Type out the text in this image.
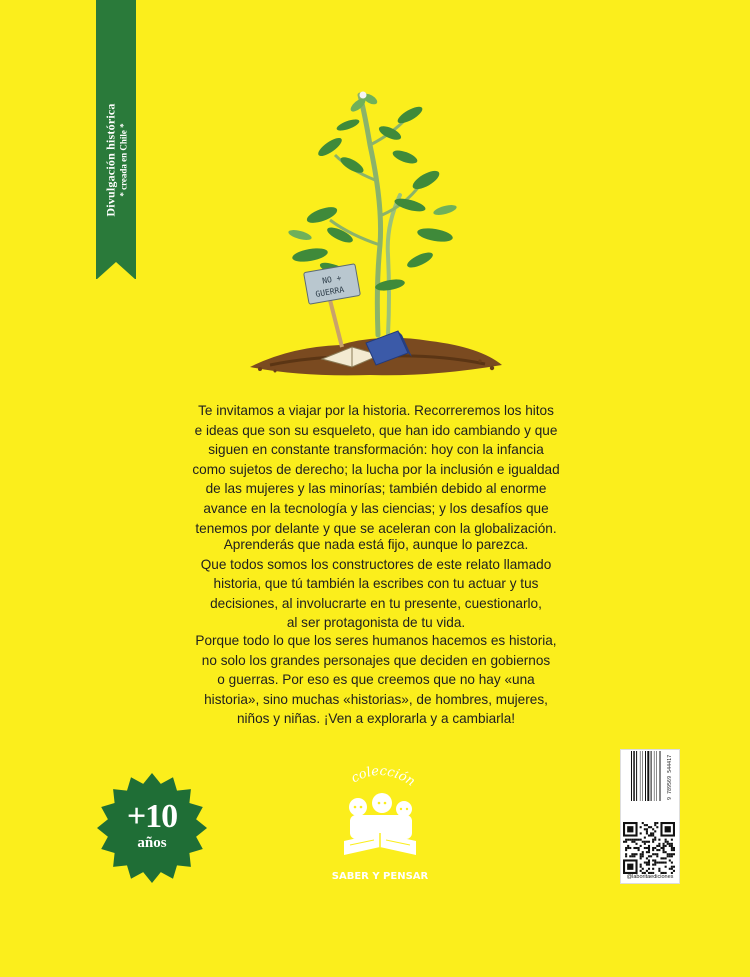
Divulgación histórica * creada en Chile *
NO +
GUERRA
Te invitamos a viajar por la historia. Recorreremos los hitos
e ideas que son su esqueleto, que han ido cambiando y que
siguen en constante transformación: hoy con la infancia
como sujetos de derecho; la lucha por la inclusión e igualdad
de las mujeres y las minorías; también debido al enorme
avance en la tecnología y las ciencias; y los desafíos que
tenemos por delante y que se aceleran con la globalización.
Aprenderás que nada está fijo, aunque lo parezca.
Que todos somos los constructores de este relato llamado
historia, que tú también la escribes con tu actuar y tus
decisiones, al involucrarte en tu presente, cuestionarlo,
al ser protagonista de tu vida.
Porque todo lo que los seres humanos hacemos es historia,
no solo los grandes personajes que deciden en gobiernos
o guerras. Por eso es que creemos que no hay «una
historia», sino muchas «historias», de hombres, mujeres,
niños y niñas. ¡Ven a explorarla y a cambiarla!
+10
años
colección
SABER Y PENSAR
9 789569 544417
@laboritaediciones
